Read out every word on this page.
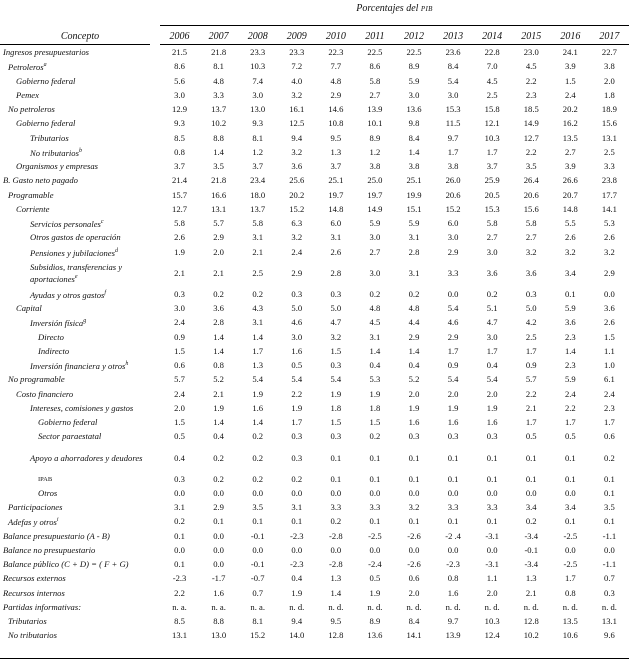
Porcentajes del PIB
Concepto	2006	2007	2008	2009	2010	2011	2012	2013	2014	2015	2016	2017
Ingresos presupuestarios	21.5	21.8	23.3	23.3	22.3	22.5	22.5	23.6	22.8	23.0	24.1	22.7
Petroleros$^a$	8.6	8.1	10.3	7.2	7.7	8.6	8.9	8.4	7.0	4.5	3.9	3.8
Gobierno federal	5.6	4.8	7.4	4.0	4.8	5.8	5.9	5.4	4.5	2.2	1.5	2.0
Pemex	3.0	3.3	3.0	3.2	2.9	2.7	3.0	3.0	2.5	2.3	2.4	1.8
No petroleros	12.9	13.7	13.0	16.1	14.6	13.9	13.6	15.3	15.8	18.5	20.2	18.9
Gobierno federal	9.3	10.2	9.3	12.5	10.8	10.1	9.8	11.5	12.1	14.9	16.2	15.6
Tributarios	8.5	8.8	8.1	9.4	9.5	8.9	8.4	9.7	10.3	12.7	13.5	13.1
No tributarios$^b$	0.8	1.4	1.2	3.2	1.3	1.2	1.4	1.7	1.7	2.2	2.7	2.5
Organismos y empresas	3.7	3.5	3.7	3.6	3.7	3.8	3.8	3.8	3.7	3.5	3.9	3.3
B. Gasto neto pagado	21.4	21.8	23.4	25.6	25.1	25.0	25.1	26.0	25.9	26.4	26.6	23.8
Programable	15.7	16.6	18.0	20.2	19.7	19.7	19.9	20.6	20.5	20.6	20.7	17.7
Corriente	12.7	13.1	13.7	15.2	14.8	14.9	15.1	15.2	15.3	15.6	14.8	14.1
Servicios personales$^c$	5.8	5.7	5.8	6.3	6.0	5.9	5.9	6.0	5.8	5.8	5.5	5.3
Otros gastos de operación	2.6	2.9	3.1	3.2	3.1	3.0	3.1	3.0	2.7	2.7	2.6	2.6
Pensiones y jubilaciones$^d$	1.9	2.0	2.1	2.4	2.6	2.7	2.8	2.9	3.0	3.2	3.2	3.2
Subsidios, transferencias y aportaciones$^e$	2.1	2.1	2.5	2.9	2.8	3.0	3.1	3.3	3.6	3.6	3.4	2.9
Ayudas y otros gastos$^f$	0.3	0.2	0.2	0.3	0.3	0.2	0.2	0.0	0.2	0.3	0.1	0.0
Capital	3.0	3.6	4.3	5.0	5.0	4.8	4.8	5.4	5.1	5.0	5.9	3.6
Inversión física$^g$	2.4	2.8	3.1	4.6	4.7	4.5	4.4	4.6	4.7	4.2	3.6	2.6
Directo	0.9	1.4	1.4	3.0	3.2	3.1	2.9	2.9	3.0	2.5	2.3	1.5
Indirecto	1.5	1.4	1.7	1.6	1.5	1.4	1.4	1.7	1.7	1.7	1.4	1.1
Inversión financiera y otros$^h$	0.6	0.8	1.3	0.5	0.3	0.4	0.4	0.9	0.4	0.9	2.3	1.0
No programable	5.7	5.2	5.4	5.4	5.4	5.3	5.2	5.4	5.4	5.7	5.9	6.1
Costo financiero	2.4	2.1	1.9	2.2	1.9	1.9	2.0	2.0	2.0	2.2	2.4	2.4
Intereses, comisiones y gastos	2.0	1.9	1.6	1.9	1.8	1.8	1.9	1.9	1.9	2.1	2.2	2.3
Gobierno federal	1.5	1.4	1.4	1.7	1.5	1.5	1.6	1.6	1.6	1.7	1.7	1.7
Sector paraestatal	0.5	0.4	0.2	0.3	0.3	0.2	0.3	0.3	0.3	0.5	0.5	0.6
Apoyo a ahorradores y deudores	0.4	0.2	0.2	0.3	0.1	0.1	0.1	0.1	0.1	0.1	0.1	0.2
IPAB	0.3	0.2	0.2	0.2	0.1	0.1	0.1	0.1	0.1	0.1	0.1	0.1
Otros	0.0	0.0	0.0	0.0	0.0	0.0	0.0	0.0	0.0	0.0	0.0	0.1
Participaciones	3.1	2.9	3.5	3.1	3.3	3.3	3.2	3.3	3.3	3.4	3.4	3.5
Adefas y otros$^i$	0.2	0.1	0.1	0.1	0.2	0.1	0.1	0.1	0.1	0.2	0.1	0.1
Balance presupuestario (A - B)	0.1	0.0	-0.1	-2.3	-2.8	-2.5	-2.6	-2 .4	-3.1	-3.4	-2.5	-1.1
Balance no presupuestario	0.0	0.0	0.0	0.0	0.0	0.0	0.0	0.0	0.0	-0.1	0.0	0.0
Balance público (C + D) = ( F + G)	0.1	0.0	-0.1	-2.3	-2.8	-2.4	-2.6	-2.3	-3.1	-3.4	-2.5	-1.1
Recursos externos	-2.3	-1.7	-0.7	0.4	1.3	0.5	0.6	0.8	1.1	1.3	1.7	0.7
Recursos internos	2.2	1.6	0.7	1.9	1.4	1.9	2.0	1.6	2.0	2.1	0.8	0.3
Partidas informativas:	n. a.	n. a.	n. a.	n. d.	n. d.	n. d.	n. d.	n. d.	n. d.	n. d.	n. d.	n. d.
Tributarios	8.5	8.8	8.1	9.4	9.5	8.9	8.4	9.7	10.3	12.8	13.5	13.1
No tributarios	13.1	13.0	15.2	14.0	12.8	13.6	14.1	13.9	12.4	10.2	10.6	9.6
